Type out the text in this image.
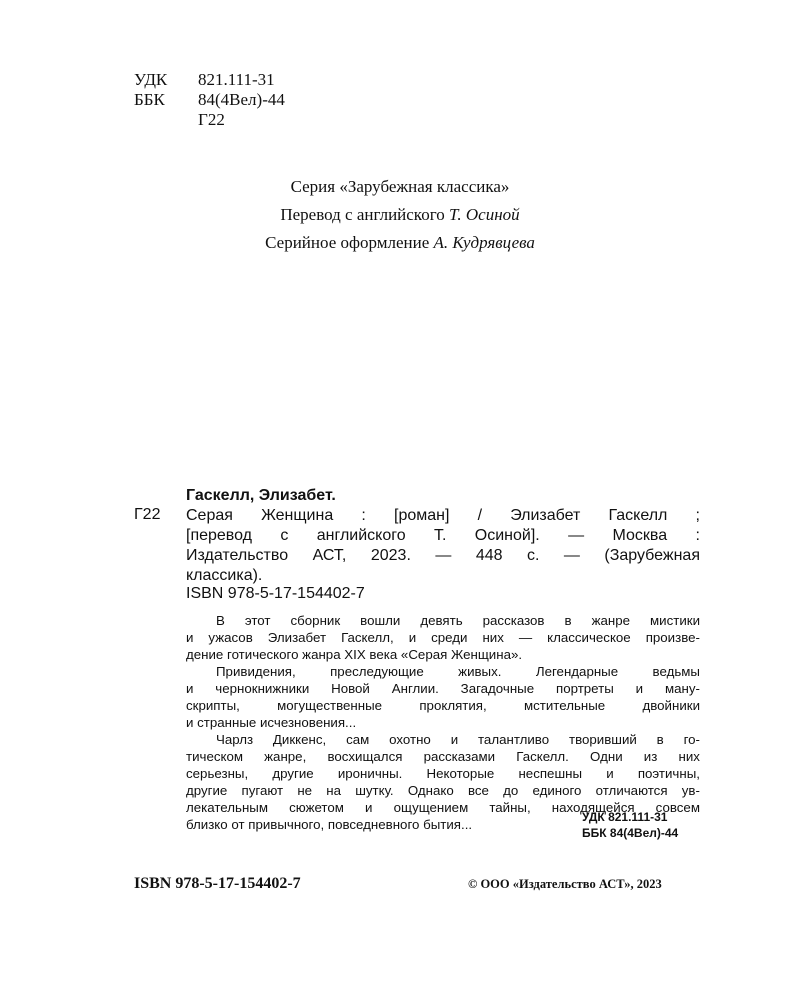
УДК	821.111-31
ББК	84(4Вел)-44
Г22
Серия «Зарубежная классика»
Перевод с английского Т. Осиной
Серийное оформление А. Кудрявцева
Гаскелл, Элизабет.
Г22 Серая Женщина : [роман] / Элизабет Гаскелл ;
[перевод с английского Т. Осиной]. — Москва :
Издательство АСТ, 2023. — 448 с. — (Зарубежная
классика).
ISBN 978-5-17-154402-7
В этот сборник вошли девять рассказов в жанре мистики
и ужасов Элизабет Гаскелл, и среди них — классическое произве-
дение готического жанра XIX века «Серая Женщина».
Привидения,	преследующие	живых.	Легендарные	ведьмы
и чернокнижники Новой Англии. Загадочные портреты и ману-
скрипты,	могущественные	проклятия,	мстительные	двойники
и странные исчезновения...
Чарлз Диккенс, сам охотно и талантливо творивший в го-
тическом жанре, восхищался рассказами Гаскелл. Одни из них
серьезны, другие ироничны. Некоторые неспешны и поэтичны,
другие пугают не на шутку. Однако все до единого отличаются ув-
лекательным сюжетом и ощущением тайны, находящейся совсем
близко от привычного, повседневного бытия...	УДК 821.111-31
ББК 84(4Вел)-44
ISBN 978-5-17-154402-7	© ООО «Издательство АСТ», 2023
